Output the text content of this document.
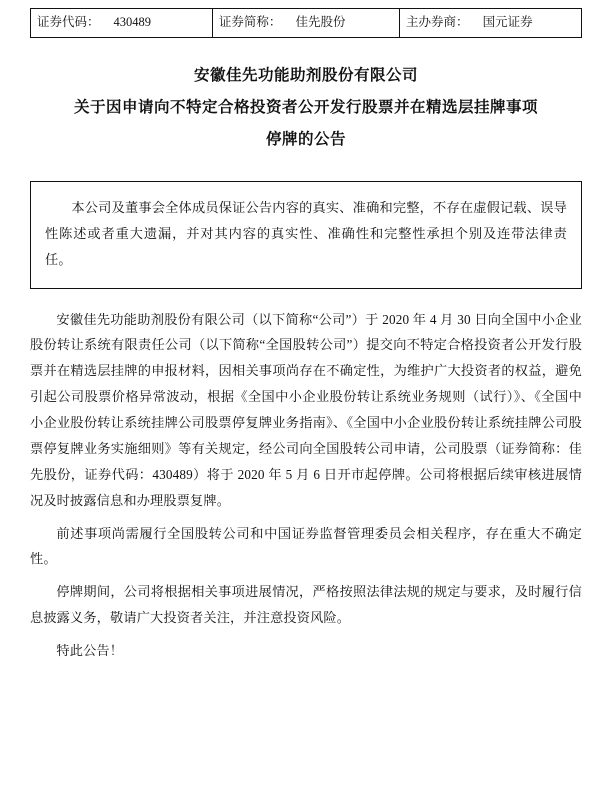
证券代码： 430489	证券简称： 佳先股份	主办券商： 国元证券
安徽佳先功能助剂股份有限公司
关于因申请向不特定合格投资者公开发行股票并在精选层挂牌事项
停牌的公告
本公司及董事会全体成员保证公告内容的真实、准确和完整，不存在虚假记载、误导性陈述或者重大遗漏，并对其内容的真实性、准确性和完整性承担个别及连带法律责任。

安徽佳先功能助剂股份有限公司（以下简称“公司”）于 2020 年 4 月 30 日向全国中小企业股份转让系统有限责任公司（以下简称“全国股转公司”）提交向不特定合格投资者公开发行股票并在精选层挂牌的申报材料，因相关事项尚存在不确定性，为维护广大投资者的权益，避免引起公司股票价格异常波动，根据《全国中小企业股份转让系统业务规则（试行）》、《全国中小企业股份转让系统挂牌公司股票停复牌业务指南》、《全国中小企业股份转让系统挂牌公司股票停复牌业务实施细则》等有关规定，经公司向全国股转公司申请，公司股票（证券简称：佳先股份，证券代码：430489）将于 2020 年 5 月 6 日开市起停牌。公司将根据后续审核进展情况及时披露信息和办理股票复牌。

前述事项尚需履行全国股转公司和中国证券监督管理委员会相关程序，存在重大不确定性。

停牌期间，公司将根据相关事项进展情况，严格按照法律法规的规定与要求，及时履行信息披露义务，敬请广大投资者关注，并注意投资风险。

特此公告！
